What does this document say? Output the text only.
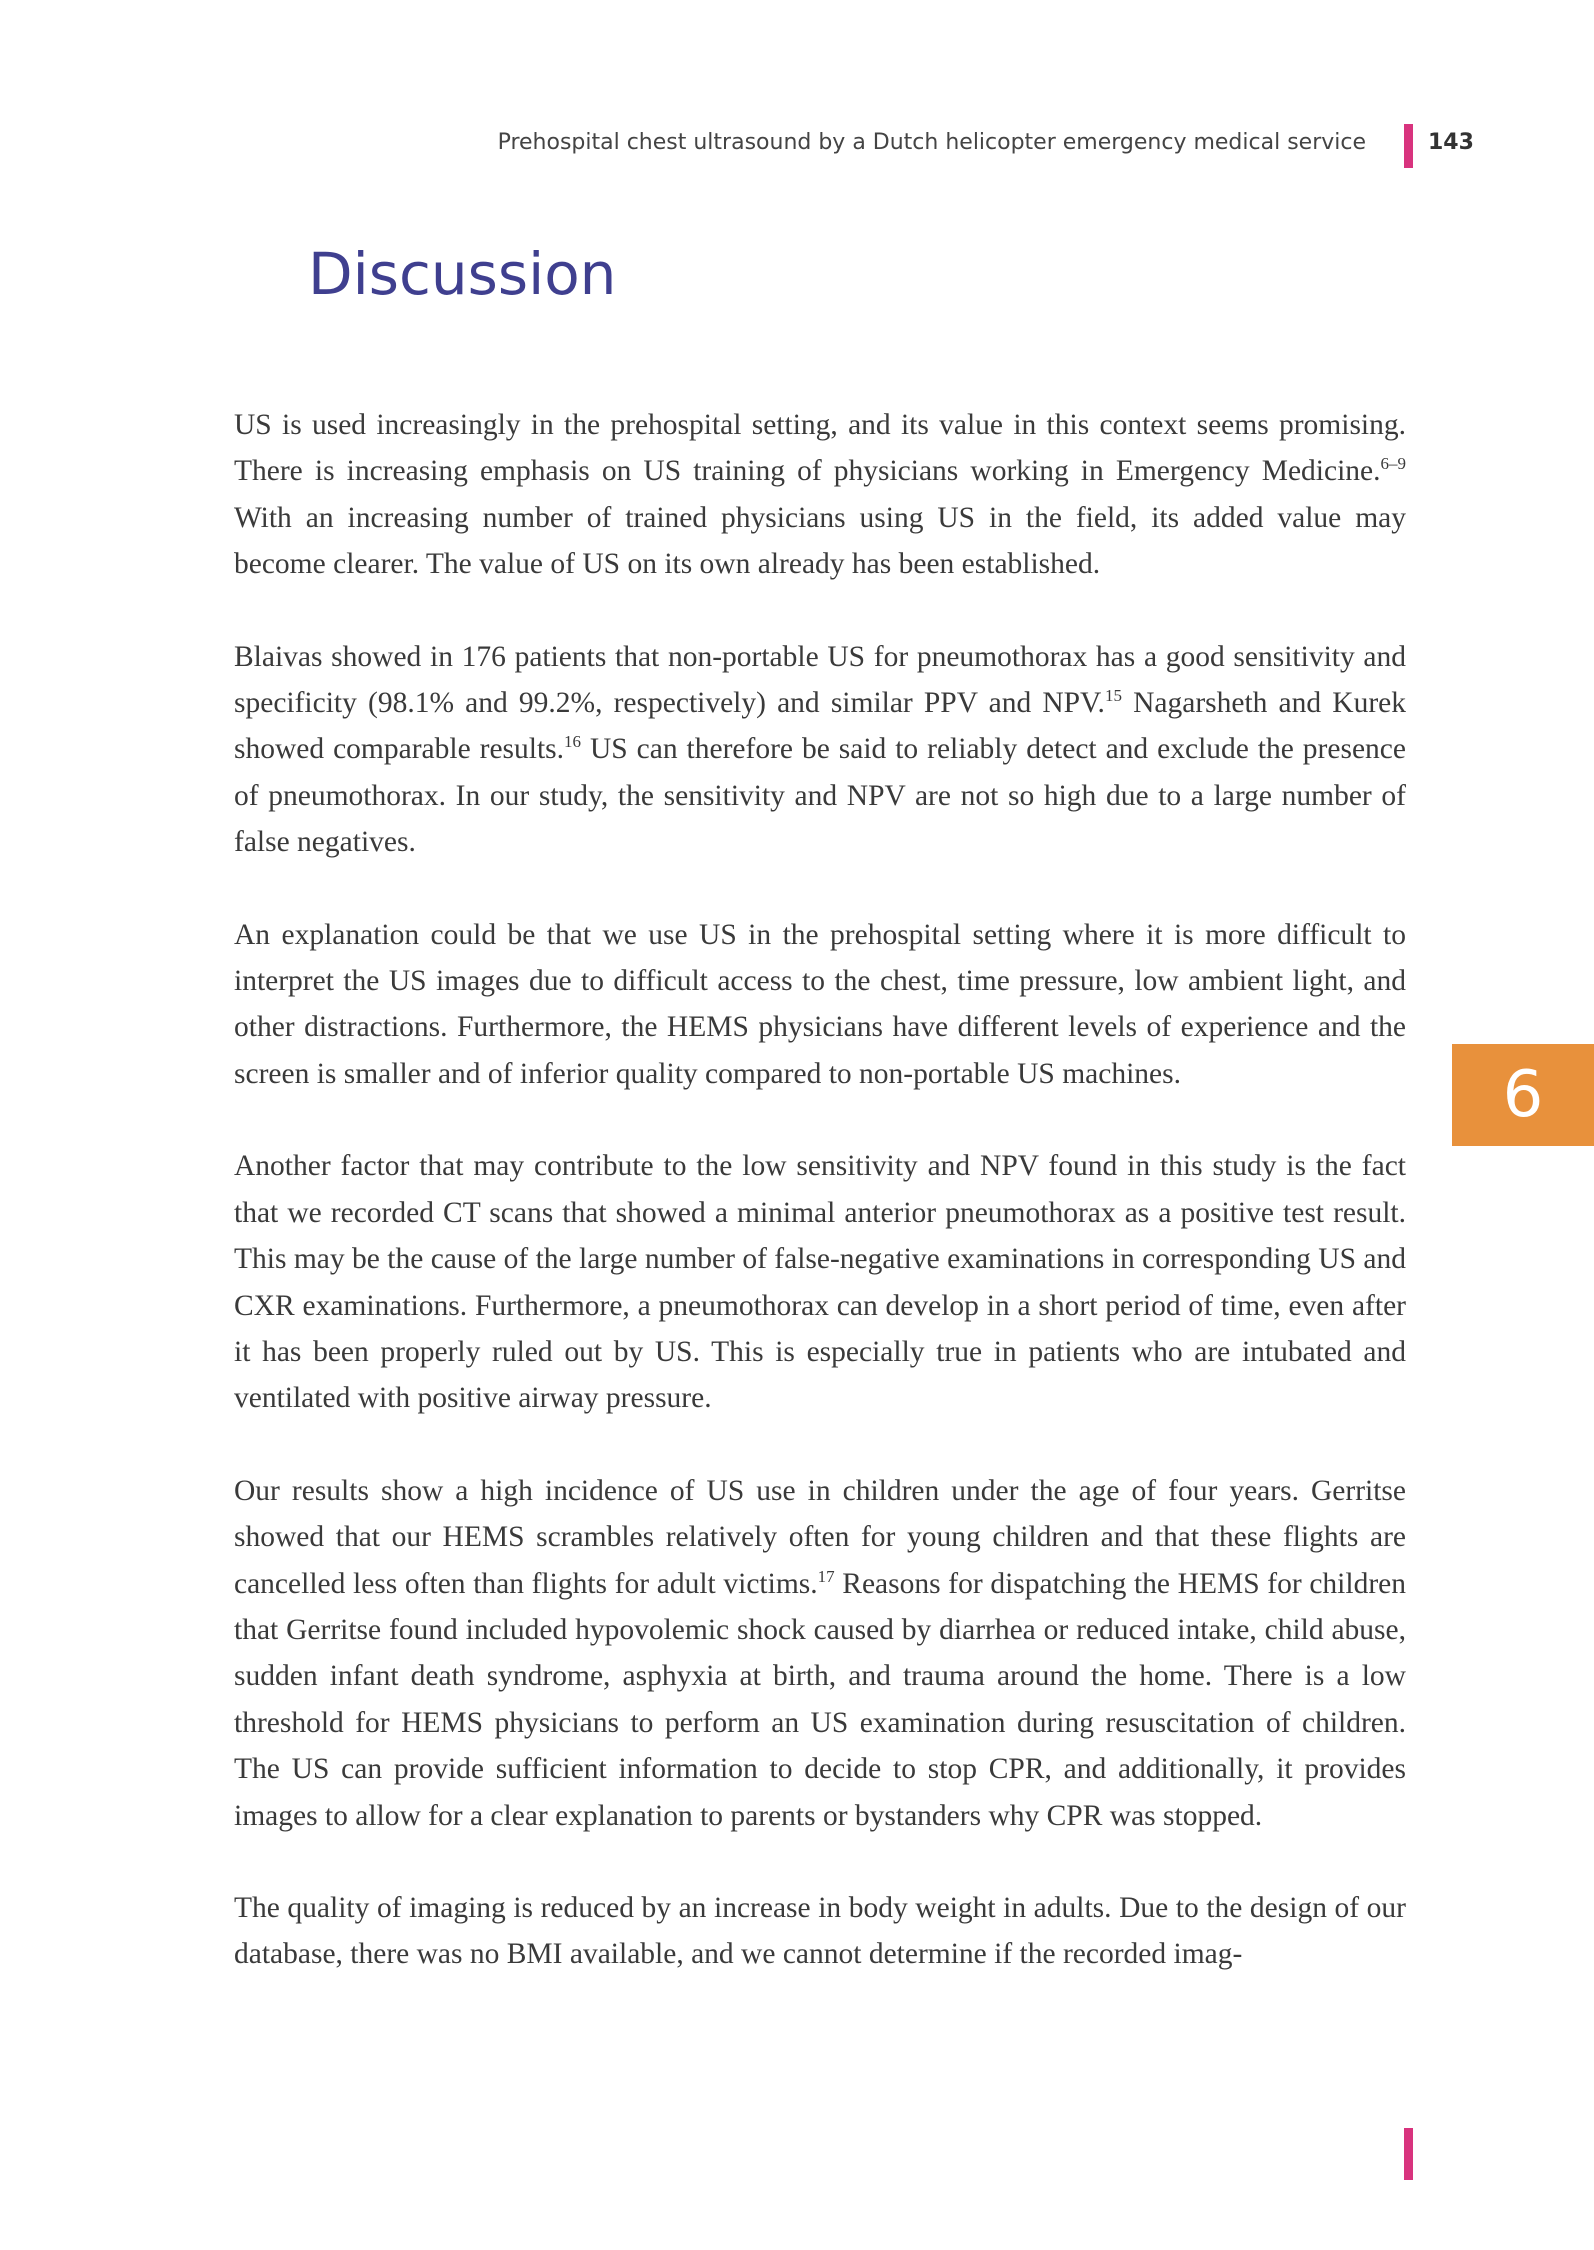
Prehospital chest ultrasound by a Dutch helicopter emergency medical service	143
Discussion
6

US is used increasingly in the prehospital setting, and its value in this context seems promising. There is increasing emphasis on US training of physicians working in Emergency Medicine.$^{6-9}$ With an increasing number of trained physicians using US in the field, its added value may become clearer. The value of US on its own already has been established.

Blaivas showed in 176 patients that non-portable US for pneumothorax has a good sensitivity and specificity (98.1% and 99.2%, respectively) and similar PPV and NPV.$^{15}$ Nagarsheth and Kurek showed comparable results.$^{16}$ US can therefore be said to reliably detect and exclude the presence of pneumothorax. In our study, the sensitivity and NPV are not so high due to a large number of false negatives.

An explanation could be that we use US in the prehospital setting where it is more difficult to interpret the US images due to difficult access to the chest, time pressure, low ambient light, and other distractions. Furthermore, the HEMS physicians have different levels of experience and the screen is smaller and of inferior quality compared to non-portable US machines.

Another factor that may contribute to the low sensitivity and NPV found in this study is the fact that we recorded CT scans that showed a minimal anterior pneumothorax as a positive test result. This may be the cause of the large number of false-negative examinations in corresponding US and CXR examinations. Furthermore, a pneumothorax can develop in a short period of time, even after it has been properly ruled out by US. This is especially true in patients who are intubated and ventilated with positive airway pressure.

Our results show a high incidence of US use in children under the age of four years. Gerritse showed that our HEMS scrambles relatively often for young children and that these flights are cancelled less often than flights for adult victims.$^{17}$ Reasons for dispatching the HEMS for children that Gerritse found included hypovolemic shock caused by diarrhea or reduced intake, child abuse, sudden infant death syndrome, asphyxia at birth, and trauma around the home. There is a low threshold for HEMS physicians to perform an US examination during resuscitation of children. The US can provide sufficient information to decide to stop CPR, and additionally, it provides images to allow for a clear explanation to parents or bystanders why CPR was stopped.

The quality of imaging is reduced by an increase in body weight in adults. Due to the design of our database, there was no BMI available, and we cannot determine if the recorded imag-
